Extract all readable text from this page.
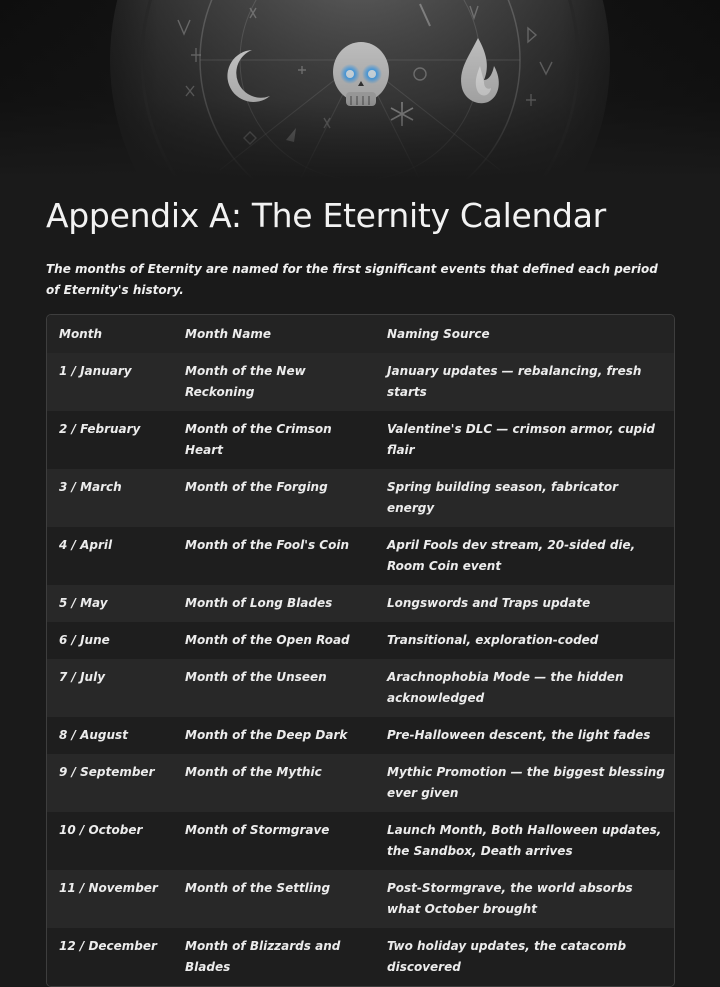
Appendix A: The Eternity Calendar

The months of Eternity are named for the first significant events that defined each period of Eternity's history.

Month	Month Name	Naming Source
1 / January	Month of the New Reckoning	January updates — rebalancing, fresh starts
2 / February	Month of the Crimson Heart	Valentine's DLC — crimson armor, cupid flair
3 / March	Month of the Forging	Spring building season, fabricator energy
4 / April	Month of the Fool's Coin	April Fools dev stream, 20-sided die, Room Coin event
5 / May	Month of Long Blades	Longswords and Traps update
6 / June	Month of the Open Road	Transitional, exploration-coded
7 / July	Month of the Unseen	Arachnophobia Mode — the hidden acknowledged
8 / August	Month of the Deep Dark	Pre-Halloween descent, the light fades
9 / September	Month of the Mythic	Mythic Promotion — the biggest blessing ever given
10 / October	Month of Stormgrave	Launch Month, Both Halloween updates, the Sandbox, Death arrives
11 / November	Month of the Settling	Post-Stormgrave, the world absorbs what October brought
12 / December	Month of Blizzards and Blades	Two holiday updates, the catacomb discovered
